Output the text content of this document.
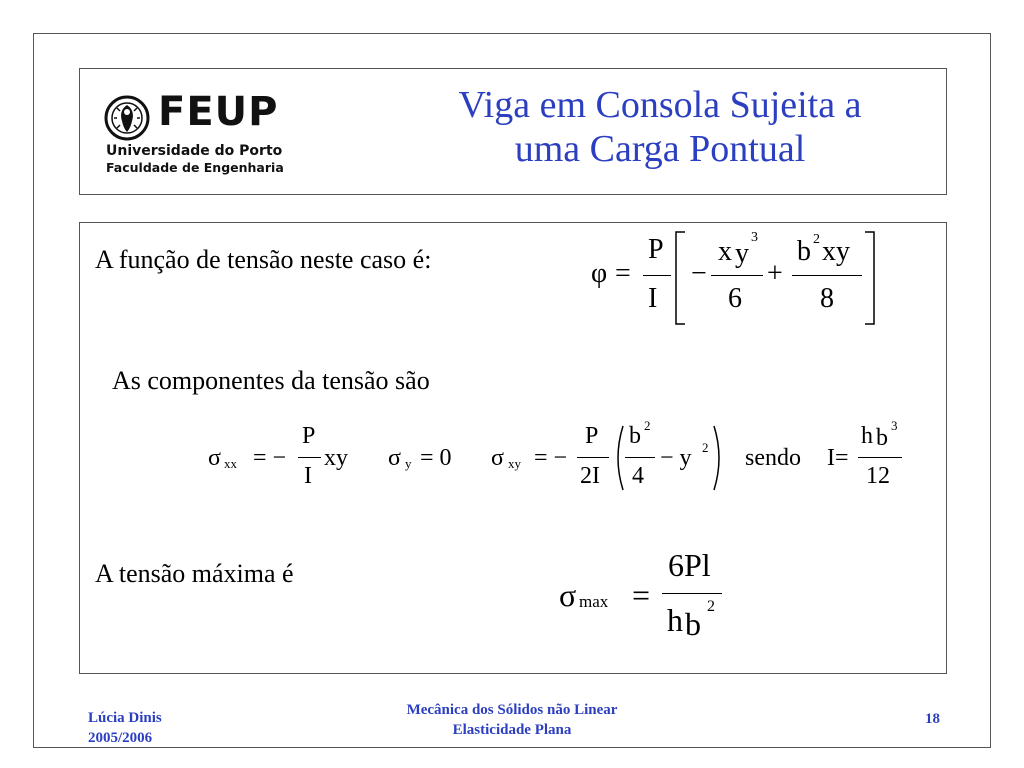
FEUP
Universidade do Porto
Faculdade de Engenharia
Viga em Consola Sujeita a
uma Carga Pontual
A função de tensão neste caso é:	φ =
P
I
−
x y
3
6
+
b 2 xy
8
As componentes da tensão são
σ xx = −
P
I
xy σ y = 0 σ xy = −
P
2I
b 2
4
− y 2 sendo I=
h b 3
12
A tensão máxima é
σ max =
6Pl
h b 2
Lúcia Dinis
2005/2006
Mecânica dos Sólidos não Linear
Elasticidade Plana
18
